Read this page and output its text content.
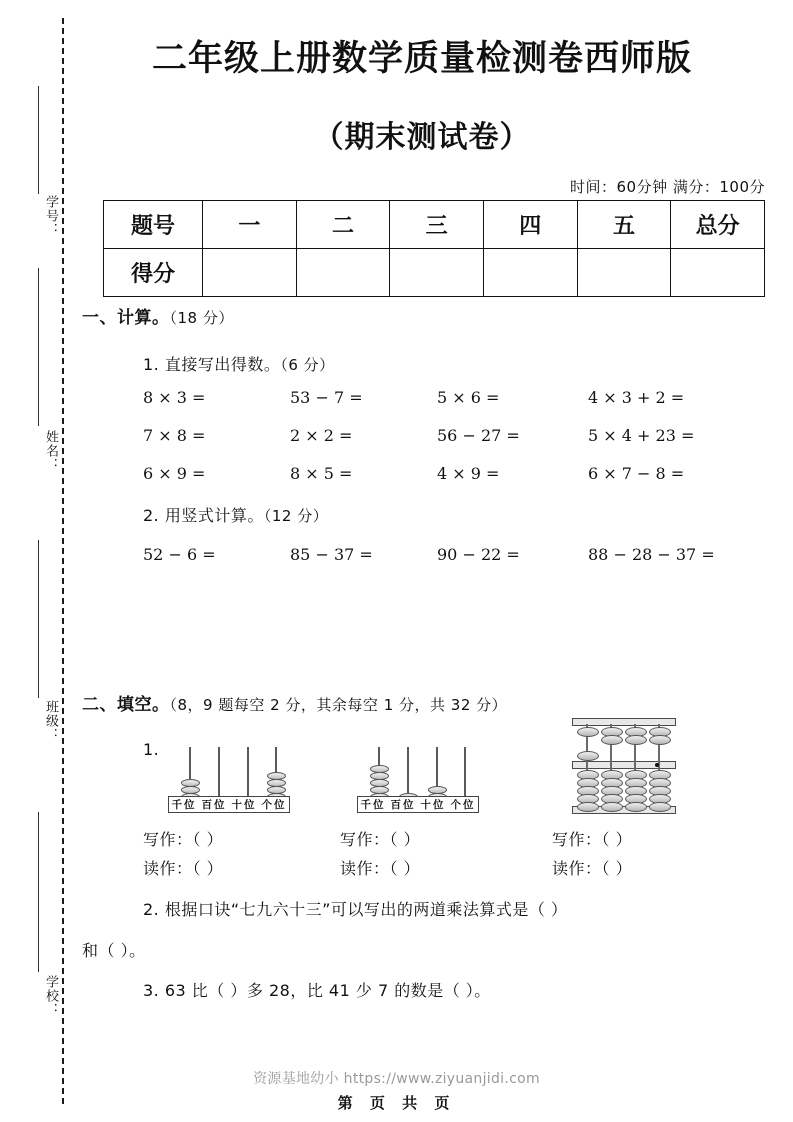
学号：
姓名：
班级：
学校：
二年级上册数学质量检测卷西师版
（期末测试卷）
时间：60分钟 满分：100分
题号	一	二	三	四	五	总分
得分						
一、计算。（18 分）
1. 直接写出得数。（6 分）
8 × 3 =	53 − 7 =	5 × 6 =	4 × 3 + 2 =
7 × 8 =	2 × 2 =	56 − 27 =	5 × 4 + 23 =
6 × 9 =	8 × 5 =	4 × 9 =	6 × 7 − 8 =
2. 用竖式计算。（12 分）
52 − 6 =	85 − 37 =	90 − 22 =	88 − 28 − 37 =
二、填空。（8，9 题每空 2 分，其余每空 1 分，共 32 分）
1.
千位 百位 十位 个位	千位 百位 十位 个位
写作：（ ）	写作：（ ）	写作：（ ）
读作：（ ）	读作：（ ）	读作：（ ）
2. 根据口诀“七九六十三”可以写出的两道乘法算式是（ ）
和（ ）。
3. 63 比（ ）多 28，比 41 少 7 的数是（ ）。
资源基地幼小 https://www.ziyuanjidi.com
第 页 共 页
